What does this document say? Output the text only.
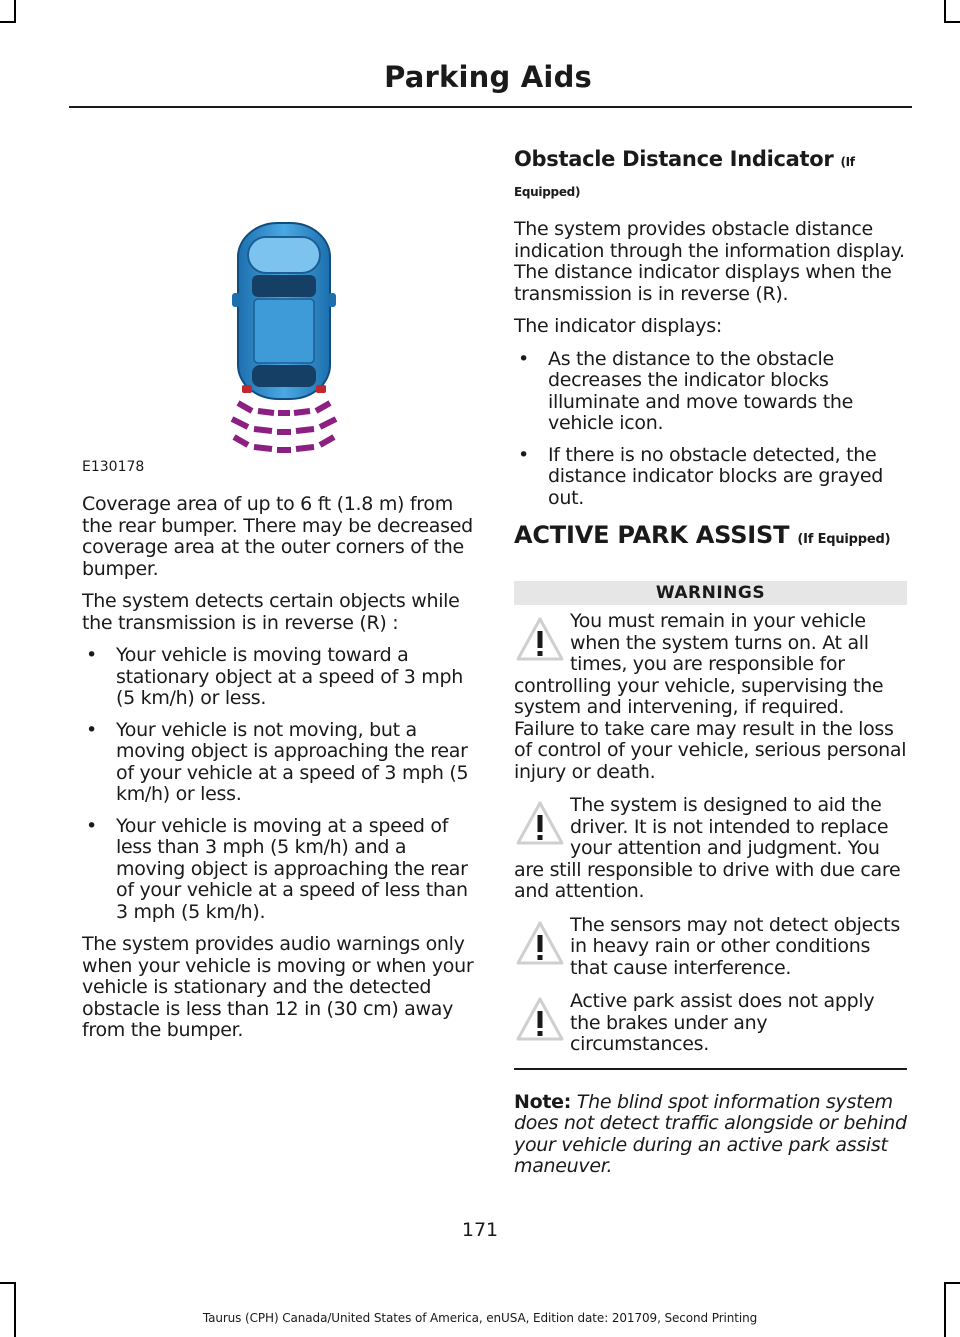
Parking Aids
E130178

Coverage area of up to 6 ft (1.8 m) from the rear bumper. There may be decreased coverage area at the outer corners of the bumper.

The system detects certain objects while the transmission is in reverse (R) :

• Your vehicle is moving toward a stationary object at a speed of 3 mph (5 km/h) or less.
• Your vehicle is not moving, but a moving object is approaching the rear of your vehicle at a speed of 3 mph (5 km/h) or less.
• Your vehicle is moving at a speed of less than 3 mph (5 km/h) and a moving object is approaching the rear of your vehicle at a speed of less than 3 mph (5 km/h).

The system provides audio warnings only when your vehicle is moving or when your vehicle is stationary and the detected obstacle is less than 12 in (30 cm) away from the bumper.

Obstacle Distance Indicator (If Equipped)

The system provides obstacle distance indication through the information display. The distance indicator displays when the transmission is in reverse (R).

The indicator displays:

• As the distance to the obstacle decreases the indicator blocks illuminate and move towards the vehicle icon.
• If there is no obstacle detected, the distance indicator blocks are grayed out.
ACTIVE PARK ASSIST (If Equipped)
WARNINGS
You must remain in your vehicle when the system turns on. At all times, you are responsible for controlling your vehicle, supervising the system and intervening, if required. Failure to take care may result in the loss of control of your vehicle, serious personal injury or death.
The system is designed to aid the driver. It is not intended to replace your attention and judgment. You are still responsible to drive with due care and attention.
The sensors may not detect objects in heavy rain or other conditions that cause interference.
Active park assist does not apply the brakes under any circumstances.

Note: The blind spot information system does not detect traffic alongside or behind your vehicle during an active park assist maneuver.

171
Taurus (CPH) Canada/United States of America, enUSA, Edition date: 201709, Second Printing
